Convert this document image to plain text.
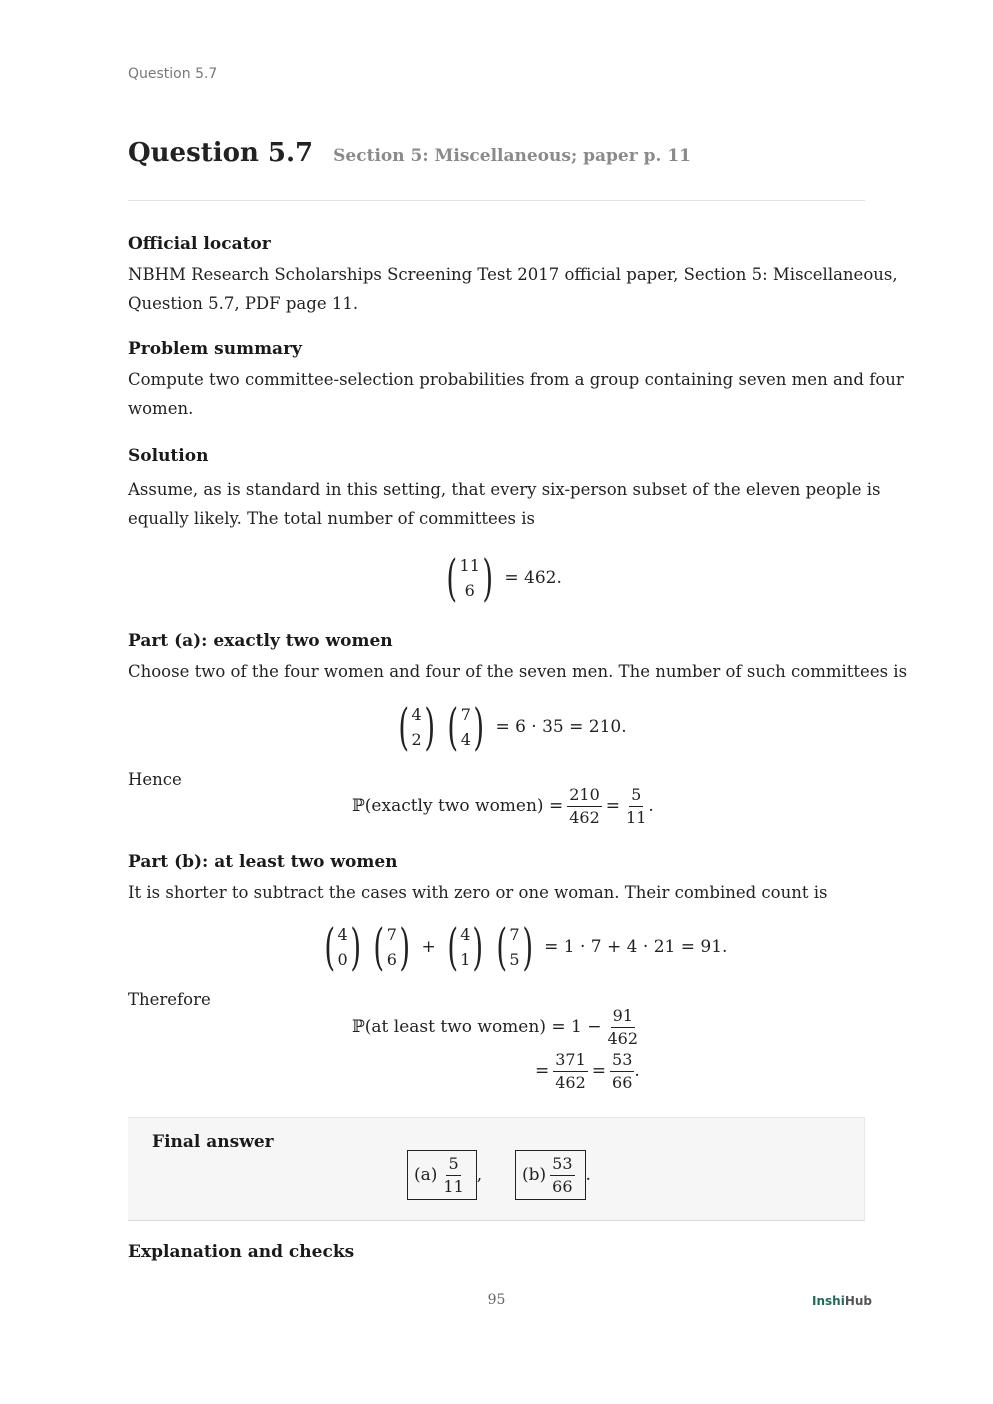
Question 5.7
Question 5.7 Section 5: Miscellaneous; paper p. 11
Official locator
NBHM Research Scholarships Screening Test 2017 official paper, Section 5: Miscellaneous,
Question 5.7, PDF page 11.
Problem summary
Compute two committee-selection probabilities from a group containing seven men and four
women.
Solution
Assume, as is standard in this setting, that every six-person subset of the eleven people is
equally likely. The total number of committees is
( 11
6 ) = 462.
Part (a): exactly two women
Choose two of the four women and four of the seven men. The number of such committees is
( 4
2 ) ( 7
4 ) = 6 · 35 = 210.
Hence
ℙ(exactly two women) = $\frac{210}{462} = \frac{5}{11}$ .
Part (b): at least two women
It is shorter to subtract the cases with zero or one woman. Their combined count is
( 4
0 ) ( 7
6 ) + ( 4
1 ) ( 7
5 ) = 1 · 7 + 4 · 21 = 91.
Therefore
ℙ(at least two women) = $1 - \frac{91}{462}$
= $\frac{371}{462} = \frac{53}{66}$ .
Final answer
$(a) \frac{5}{11}$ , $(b) \frac{53}{66}$ .
Explanation and checks
95	InshiHub
